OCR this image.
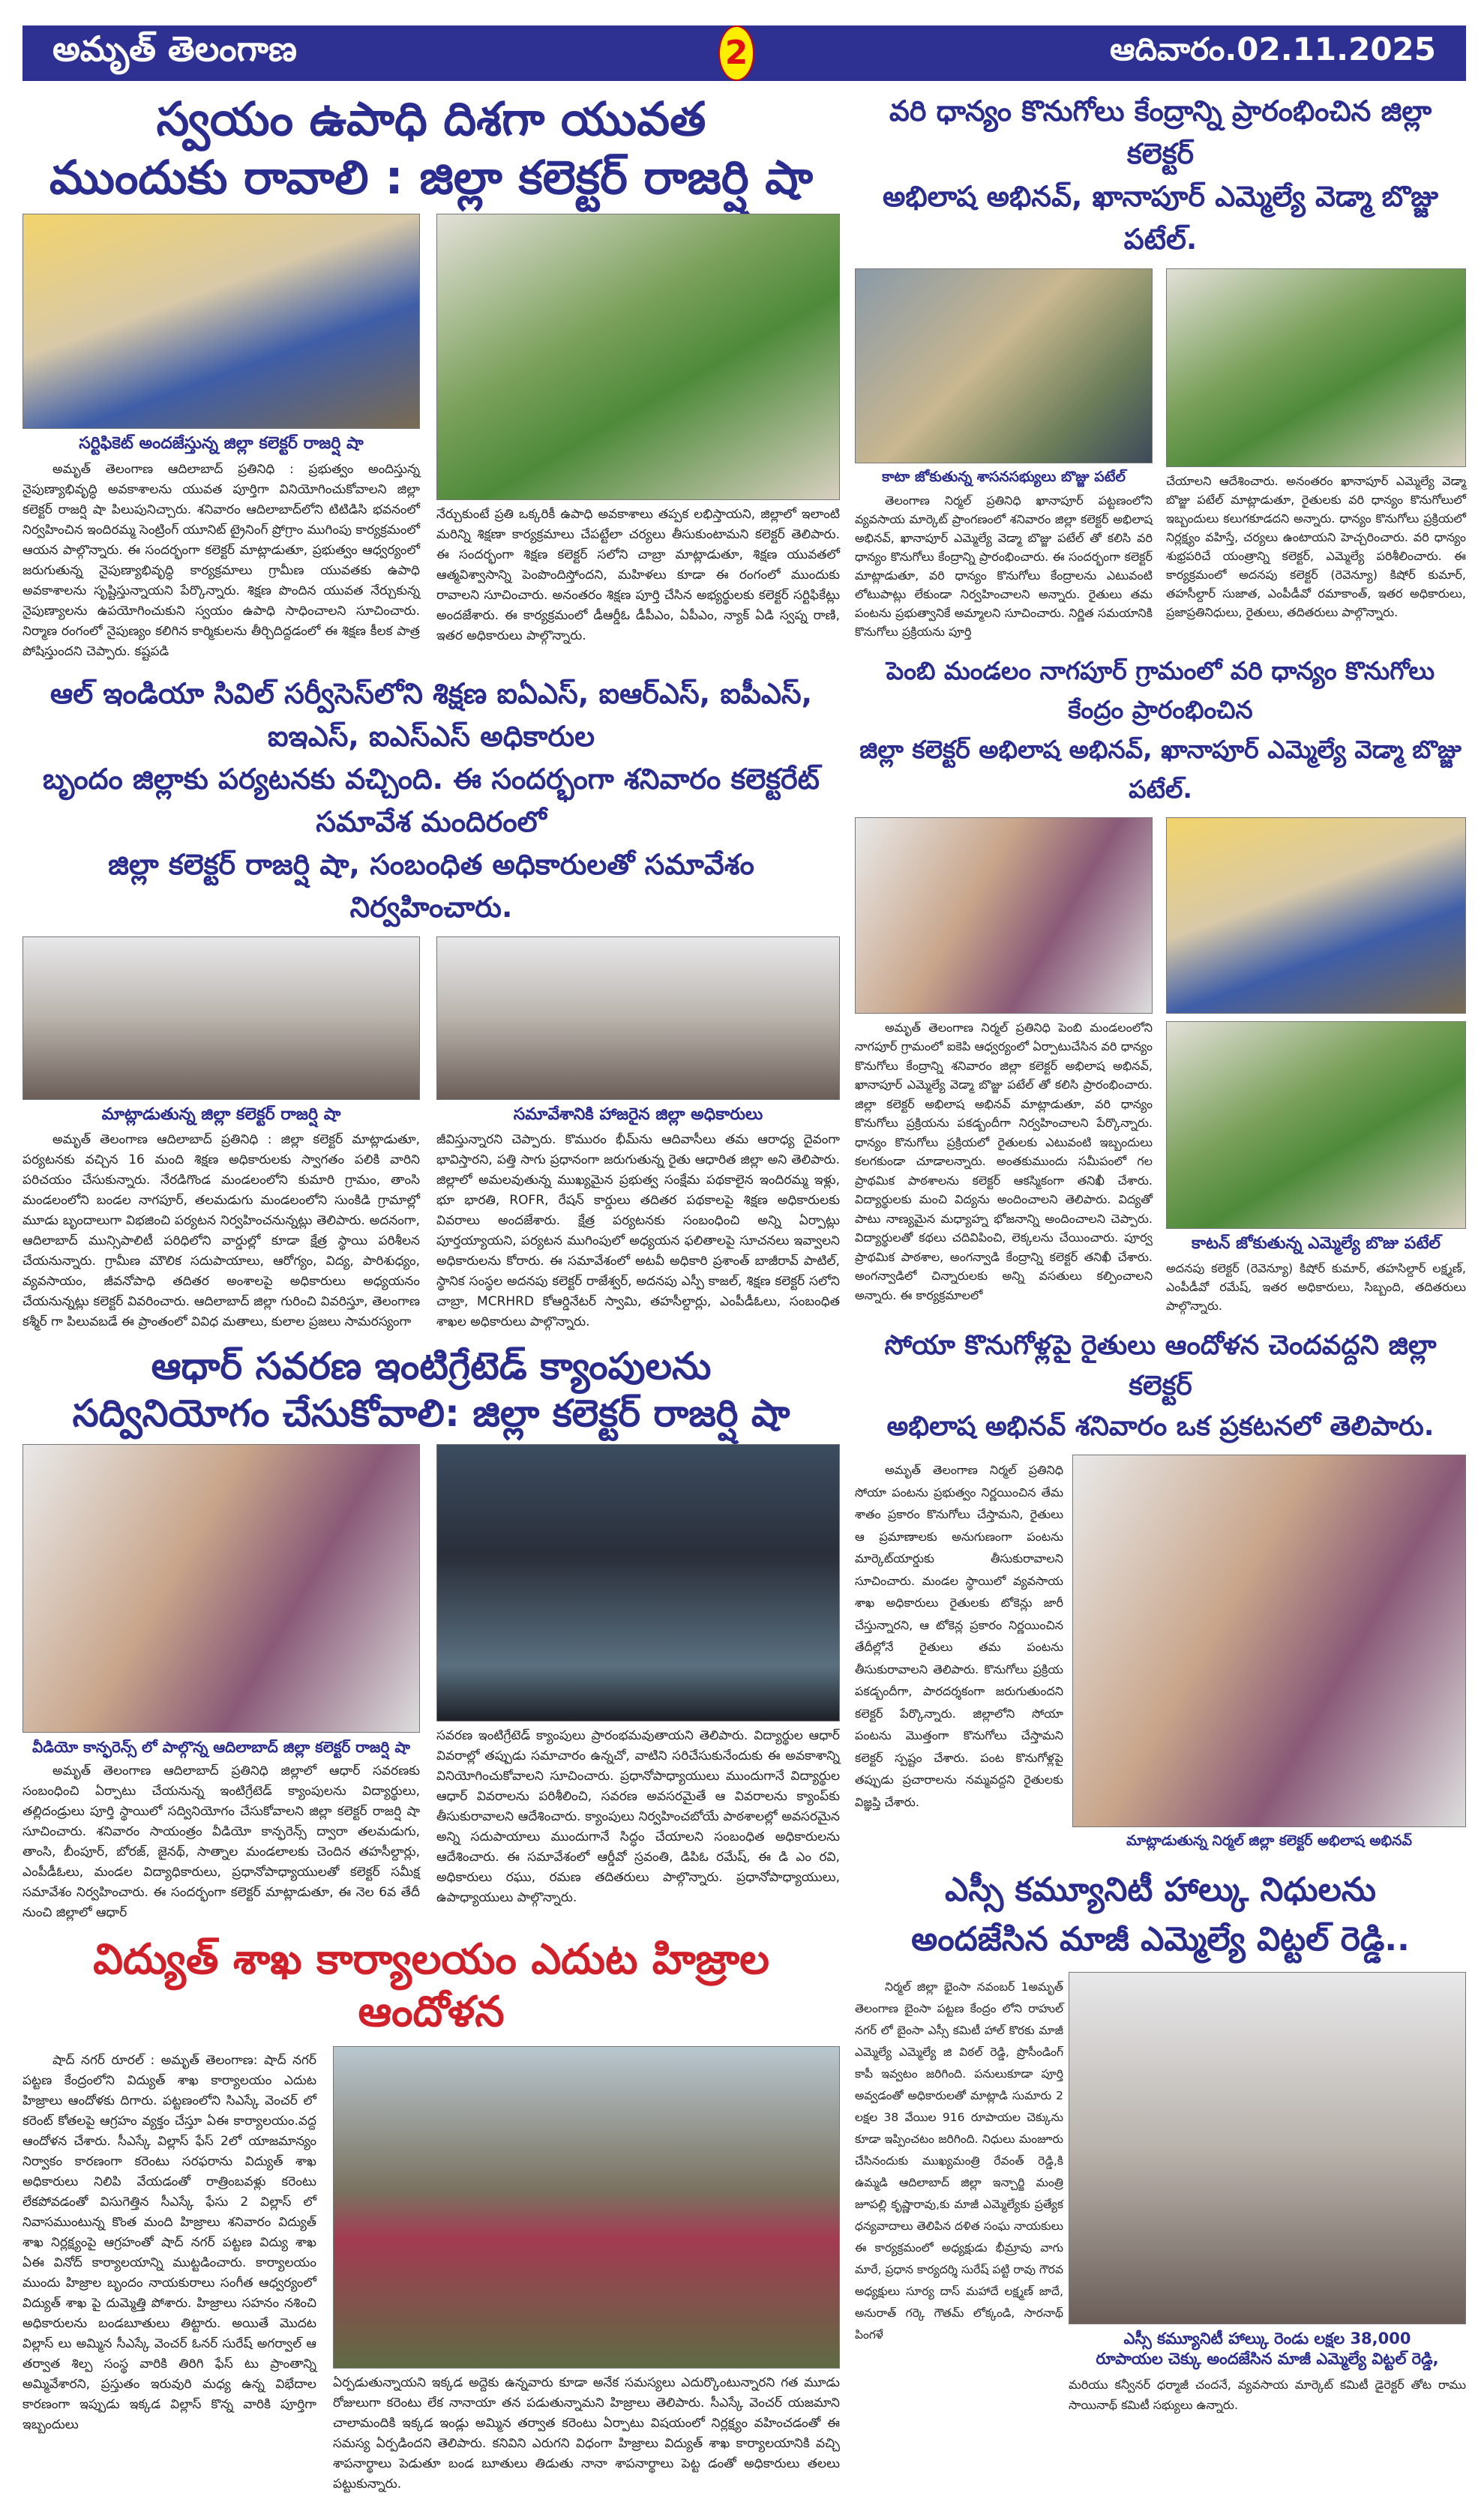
అమృత్ తెలంగాణ	2	ఆదివారం.02.11.2025
స్వయం ఉపాధి దిశగా యువత
ముందుకు రావాలి : జిల్లా కలెక్టర్ రాజర్షి షా
సర్టిఫికెట్ అందజేస్తున్న జిల్లా కలెక్టర్ రాజర్షి షా
అమృత్ తెలంగాణ ఆదిలాబాద్ ప్రతినిధి : ప్రభుత్వం అందిస్తున్న నైపుణ్యాభివృద్ధి అవకాశాలను యువత పూర్తిగా వినియోగించుకోవాలని జిల్లా కలెక్టర్ రాజర్షి షా పిలుపునిచ్చారు. శనివారం ఆదిలాబాద్‌లోని టిటిడిసి భవనంలో నిర్వహించిన ఇందిరమ్మ సెంట్రింగ్ యూనిట్ ట్రైనింగ్ ప్రోగ్రాం ముగింపు కార్యక్రమంలో ఆయన పాల్గొన్నారు. ఈ సందర్భంగా కలెక్టర్ మాట్లాడుతూ, ప్రభుత్వం ఆధ్వర్యంలో జరుగుతున్న నైపుణ్యాభివృద్ధి కార్యక్రమాలు గ్రామీణ యువతకు ఉపాధి అవకాశాలను సృష్టిస్తున్నాయని పేర్కొన్నారు. శిక్షణ పొందిన యువత నేర్చుకున్న నైపుణ్యాలను ఉపయోగించుకుని స్వయం ఉపాధి సాధించాలని సూచించారు. నిర్మాణ రంగంలో నైపుణ్యం కలిగిన కార్మికులను తీర్చిదిద్దడంలో ఈ శిక్షణ కీలక పాత్ర పోషిస్తుందని చెప్పారు. కష్టపడి
నేర్చుకుంటే ప్రతి ఒక్కరికీ ఉపాధి అవకాశాలు తప్పక లభిస్తాయని, జిల్లాలో ఇలాంటి మరిన్ని శిక్షణా కార్యక్రమాలు చేపట్టేలా చర్యలు తీసుకుంటామని కలెక్టర్ తెలిపారు. ఈ సందర్భంగా శిక్షణ కలెక్టర్ సలోని చాబ్రా మాట్లాడుతూ, శిక్షణ యువతలో ఆత్మవిశ్వాసాన్ని పెంపొందిస్తోందని, మహిళలు కూడా ఈ రంగంలో ముందుకు రావాలని సూచించారు. అనంతరం శిక్షణ పూర్తి చేసిన అభ్యర్థులకు కలెక్టర్ సర్టిఫికేట్లు అందజేశారు. ఈ కార్యక్రమంలో డీఆర్డీఓ డీపీఎం, ఏపీఎం, న్యాక్ ఏడి స్వప్న రాణి, ఇతర అధికారులు పాల్గొన్నారు.
ఆల్ ఇండియా సివిల్ సర్వీసెస్‌లోని శిక్షణ ఐఏఎస్, ఐఆర్ఎస్, ఐపీఎస్, ఐఇఎస్, ఐఎస్ఎస్ అధికారుల
బృందం జిల్లాకు పర్యటనకు వచ్చింది. ఈ సందర్భంగా శనివారం కలెక్టరేట్ సమావేశ మందిరంలో
జిల్లా కలెక్టర్ రాజర్షి షా, సంబంధిత అధికారులతో సమావేశం నిర్వహించారు.
మాట్లాడుతున్న జిల్లా కలెక్టర్ రాజర్షి షా
అమృత్ తెలంగాణ ఆదిలాబాద్ ప్రతినిధి : జిల్లా కలెక్టర్ మాట్లాడుతూ, పర్యటనకు వచ్చిన 16 మంది శిక్షణ అధికారులకు స్వాగతం పలికి వారిని పరిచయం చేసుకున్నారు. నేరడిగొండ మండలంలోని కుమారి గ్రామం, తాంసి మండలంలోని బండల నాగపూర్, తలమడుగు మండలంలోని సుంకిడి గ్రామాల్లో మూడు బృందాలుగా విభజించి పర్యటన నిర్వహించనున్నట్లు తెలిపారు. అదనంగా, ఆదిలాబాద్ మున్సిపాలిటీ పరిధిలోని వార్డుల్లో కూడా క్షేత్ర స్థాయి పరిశీలన చేయనున్నారు. గ్రామీణ మౌలిక సదుపాయాలు, ఆరోగ్యం, విద్య, పారిశుధ్యం, వ్యవసాయం, జీవనోపాధి తదితర అంశాలపై అధికారులు అధ్యయనం చేయనున్నట్లు కలెక్టర్ వివరించారు. ఆదిలాబాద్ జిల్లా గురించి వివరిస్తూ, తెలంగాణ కశ్మీర్ గా పిలువబడే ఈ ప్రాంతంలో వివిధ మతాలు, కులాల ప్రజలు సామరస్యంగా
సమావేశానికి హాజరైన జిల్లా అధికారులు
జీవిస్తున్నారని చెప్పారు. కొమురం భీమ్‌ను ఆదివాసీలు తమ ఆరాధ్య దైవంగా భావిస్తారని, పత్తి సాగు ప్రధానంగా జరుగుతున్న రైతు ఆధారిత జిల్లా అని తెలిపారు. జిల్లాలో అమలవుతున్న ముఖ్యమైన ప్రభుత్వ సంక్షేమ పథకాలైన ఇందిరమ్మ ఇళ్లు, భూ భారతి, ROFR, రేషన్ కార్డులు తదితర పథకాలపై శిక్షణ అధికారులకు వివరాలు అందజేశారు. క్షేత్ర పర్యటనకు సంబంధించి అన్ని ఏర్పాట్లు పూర్తయ్యాయని, పర్యటన ముగింపులో అధ్యయన ఫలితాలపై సూచనలు ఇవ్వాలని అధికారులను కోరారు. ఈ సమావేశంలో అటవీ అధికారి ప్రశాంత్ బాజీరావ్ పాటిల్, స్థానిక సంస్థల అదనపు కలెక్టర్ రాజేశ్వర్, అదనపు ఎస్పీ కాజల్, శిక్షణ కలెక్టర్ సలోని చాబ్రా, MCRHRD కోఆర్డినేటర్ స్వామి, తహసీల్దార్లు, ఎంపీడీఓలు, సంబంధిత శాఖల అధికారులు పాల్గొన్నారు.
ఆధార్ సవరణ ఇంటిగ్రేటెడ్ క్యాంపులను
సద్వినియోగం చేసుకోవాలి: జిల్లా కలెక్టర్ రాజర్షి షా
వీడియో కాన్ఫరెన్స్ లో పాల్గొన్న ఆదిలాబాద్ జిల్లా కలెక్టర్ రాజర్షి షా
అమృత్ తెలంగాణ ఆదిలాబాద్ ప్రతినిధి జిల్లాలో ఆధార్ సవరణకు సంబంధించి ఏర్పాటు చేయనున్న ఇంటిగ్రేటెడ్ క్యాంపులను విద్యార్థులు, తల్లిదండ్రులు పూర్తి స్థాయిలో సద్వినియోగం చేసుకోవాలని జిల్లా కలెక్టర్ రాజర్షి షా సూచించారు. శనివారం సాయంత్రం వీడియో కాన్ఫరెన్స్ ద్వారా తలమడుగు, తాంసి, బీంపూర్, బోరజ్, జైనథ్, సాత్నాల మండలాలకు చెందిన తహసీల్దార్లు, ఎంపీడీఓలు, మండల విద్యాధికారులు, ప్రధానోపాధ్యాయులతో కలెక్టర్ సమీక్ష సమావేశం నిర్వహించారు. ఈ సందర్భంగా కలెక్టర్ మాట్లాడుతూ, ఈ నెల 6వ తేదీ నుంచి జిల్లాలో ఆధార్
సవరణ ఇంటిగ్రేటెడ్ క్యాంపులు ప్రారంభమవుతాయని తెలిపారు. విద్యార్థుల ఆధార్ వివరాల్లో తప్పుడు సమాచారం ఉన్నచో, వాటిని సరిచేసుకునేందుకు ఈ అవకాశాన్ని వినియోగించుకోవాలని సూచించారు. ప్రధానోపాధ్యాయులు ముందుగానే విద్యార్థుల ఆధార్ వివరాలను పరిశీలించి, సవరణ అవసరమైతే ఆ వివరాలను క్యాంప్‌కు తీసుకురావాలని ఆదేశించారు. క్యాంపులు నిర్వహించబోయే పాఠశాలల్లో అవసరమైన అన్ని సదుపాయాలు ముందుగానే సిద్ధం చేయాలని సంబంధిత అధికారులను ఆదేశించారు. ఈ సమావేశంలో ఆర్డీవో స్రవంతి, డిపిఓ రమేష్, ఈ డి ఎం రవి, అధికారులు రఘు, రమణ తదితరులు పాల్గొన్నారు. ప్రధానోపాధ్యాయులు, ఉపాధ్యాయులు పాల్గొన్నారు.
విద్యుత్ శాఖ కార్యాలయం ఎదుట హిజ్రాల ఆందోళన
షాద్ నగర్ రూరల్ : అమృత్ తెలంగాణ: షాద్ నగర్ పట్టణ కేంద్రంలోని విద్యుత్ శాఖ కార్యాలయం ఎదుట హిజ్రాలు ఆందోళకు దిగారు. పట్టణంలోని సిఎస్కే వెంచర్ లో కరెంట్ కోతలపై ఆగ్రహం వ్యక్తం చేస్తూ ఏఈ కార్యాలయం.వద్ద ఆందోళన చేశారు. సీఎస్కే విల్లాస్ ఫేస్ 2లో యాజమాన్యం నిర్వాకం కారణంగా కరెంటు సరఫరాను విద్యుత్ శాఖ అధికారులు నిలిపి వేయడంతో రాత్రింబవళ్లు కరెంటు లేకపోవడంతో విసుగెత్తిన సీఎస్కే ఫేసు 2 విల్లాస్ లో నివాసముంటున్న కొంత మంది హిజ్రాలు శనివారం విద్యుత్ శాఖ నిర్లక్ష్యంపై ఆగ్రహంతో షాద్ నగర్ పట్టణ విద్యు శాఖ ఏఈ వినోద్ కార్యాలయాన్ని ముట్టడించారు. కార్యాలయం ముందు హిజ్రాల బృందం నాయకురాలు సంగీత ఆధ్వర్యంలో విద్యుత్ శాఖ పై దుమ్మెత్తి పోశారు. హిజ్రాలు సహనం నశించి అధికారులను బండబూతులు తిట్టారు. అయితే మొదట విల్లాస్ లు అమ్మిన సీఎస్కే వెంచర్ ఓనర్ సురేష్ అగర్వాల్ ఆ తర్వాత శిల్ప సంస్థ వారికి తిరిగి ఫేస్ టు ప్రాంతాన్ని అమ్మివేశారని, ప్రస్తుతం ఇరువురి మధ్య ఉన్న విభేదాల కారణంగా ఇప్పుడు ఇక్కడ విల్లాస్ కొన్న వారికి పూర్తిగా ఇబ్బందులు
ఏర్పడుతున్నాయని ఇక్కడ అద్దెకు ఉన్నవారు కూడా అనేక సమస్యలు ఎదుర్కొంటున్నారని గత మూడు రోజులుగా కరెంటు లేక నానాయా తన పడుతున్నామని హిజ్రాలు తెలిపారు. సీఎస్కే వెంచర్ యజమాని చాలామందికి ఇక్కడ ఇండ్లు అమ్మిన తర్వాత కరెంటు ఏర్పాటు విషయంలో నిర్లక్ష్యం వహించడంతో ఈ సమస్య ఏర్పడిందని తెలిపారు. కనివిని ఎరుగని విధంగా హిజ్రాలు విద్యుత్ శాఖ కార్యాలయానికి వచ్చి శాపనార్థాలు పెడుతూ బండ బూతులు తిడుతు నానా శాపనార్థాలు పెట్ట డంతో అధికారులు తలలు పట్టుకున్నారు.
వరి ధాన్యం కొనుగోలు కేంద్రాన్ని ప్రారంభించిన జిల్లా కలెక్టర్
అభిలాష అభినవ్, ఖానాపూర్ ఎమ్మెల్యే వెడ్మా బొజ్జు పటేల్.
కాటా జోకుతున్న శాసనసభ్యులు బొజ్జు పటేల్
తెలంగాణ నిర్మల్ ప్రతినిధి ఖానాపూర్ పట్టణంలోని వ్యవసాయ మార్కెట్ ప్రాంగణంలో శనివారం జిల్లా కలెక్టర్ అభిలాష అభినవ్, ఖానాపూర్ ఎమ్మెల్యే వెడ్మా బొజ్జు పటేల్ తో కలిసి వరి ధాన్యం కొనుగోలు కేంద్రాన్ని ప్రారంభించారు. ఈ సందర్భంగా కలెక్టర్ మాట్లాడుతూ, వరి ధాన్యం కొనుగోలు కేంద్రాలను ఎటువంటి లోటుపాట్లు లేకుండా నిర్వహించాలని అన్నారు. రైతులు తమ పంటను ప్రభుత్వానికే అమ్మాలని సూచించారు. నిర్ణిత సమయానికి కొనుగోలు ప్రక్రియను పూర్తి
చేయాలని ఆదేశించారు. అనంతరం ఖానాపూర్ ఎమ్మెల్యే వెడ్మా బొజ్జు పటేల్ మాట్లాడుతూ, రైతులకు వరి ధాన్యం కొనుగోలులో ఇబ్బందులు కలుగకూడదని అన్నారు. ధాన్యం కొనుగోలు ప్రక్రియలో నిర్లక్ష్యం వహిస్తే, చర్యలు ఉంటాయని హెచ్చరించారు. వరి ధాన్యం శుభ్రపరిచే యంత్రాన్ని కలెక్టర్, ఎమ్మెల్యే పరిశీలించారు. ఈ కార్యక్రమంలో అదనపు కలెక్టర్ (రెవెన్యూ) కిషోర్ కుమార్, తహసీల్దార్ సుజాత, ఎంపీడీవో రమాకాంత్, ఇతర అధికారులు, ప్రజాప్రతినిధులు, రైతులు, తదితరులు పాల్గొన్నారు.
పెంబి మండలం నాగపూర్ గ్రామంలో వరి ధాన్యం కొనుగోలు కేంద్రం ప్రారంభించిన
జిల్లా కలెక్టర్ అభిలాష అభినవ్, ఖానాపూర్ ఎమ్మెల్యే వెడ్మా బొజ్జు పటేల్.
అమృత్ తెలంగాణ నిర్మల్ ప్రతినిధి పెంబి మండలంలోని నాగపూర్ గ్రామంలో ఐకెపి ఆధ్వర్యంలో ఏర్పాటుచేసిన వరి ధాన్యం కొనుగోలు కేంద్రాన్ని శనివారం జిల్లా కలెక్టర్ అభిలాష అభినవ్, ఖానాపూర్ ఎమ్మెల్యే వెడ్మా బొజ్జు పటేల్ తో కలిసి ప్రారంభించారు. జిల్లా కలెక్టర్ అభిలాష అభినవ్ మాట్లాడుతూ, వరి ధాన్యం కొనుగోలు ప్రక్రియను పకడ్బందీగా నిర్వహించాలని పేర్కొన్నారు. ధాన్యం కొనుగోలు ప్రక్రియలో రైతులకు ఎటువంటి ఇబ్బందులు కలగకుండా చూడాలన్నారు. అంతకుముందు సమీపంలో గల ప్రాథమిక పాఠశాలను కలెక్టర్ ఆకస్మికంగా తనిఖీ చేశారు. విద్యార్థులకు మంచి విద్యను అందించాలని తెలిపారు. విద్యతో పాటు నాణ్యమైన మధ్యాహ్న భోజనాన్ని అందించాలని చెప్పారు. విద్యార్థులతో కథలు చదివిపించి, లెక్కలను చేయించారు. పూర్వ ప్రాథమిక పాఠశాల, అంగన్వాడి కేంద్రాన్ని కలెక్టర్ తనిఖీ చేశారు. అంగన్వాడిలో చిన్నారులకు అన్ని వసతులు కల్పించాలని అన్నారు. ఈ కార్యక్రమాలలో
కాటన్ జోకుతున్న ఎమ్మెల్యే బొజు పటేల్
అదనపు కలెక్టర్ (రెవెన్యూ) కిషోర్ కుమార్, తహసిల్దార్ లక్ష్మణ్, ఎంపీడీవో రమేష్, ఇతర అధికారులు, సిబ్బంది, తదితరులు పాల్గొన్నారు.
సోయా కొనుగోళ్లపై రైతులు ఆందోళన చెందవద్దని జిల్లా కలెక్టర్
అభిలాష అభినవ్ శనివారం ఒక ప్రకటనలో తెలిపారు.
అమృత్ తెలంగాణ నిర్మల్ ప్రతినిధి సోయా పంటను ప్రభుత్వం నిర్ణయించిన తేమ శాతం ప్రకారం కొనుగోలు చేస్తామని, రైతులు ఆ ప్రమాణాలకు అనుగుణంగా పంటను మార్కెట్‌యార్డుకు తీసుకురావాలని సూచించారు. మండల స్థాయిలో వ్యవసాయ శాఖ అధికారులు రైతులకు టోకెన్లు జారీ చేస్తున్నారని, ఆ టోకెన్ల ప్రకారం నిర్ణయించిన తేదీల్లోనే రైతులు తమ పంటను తీసుకురావాలని తెలిపారు. కొనుగోలు ప్రక్రియ పకడ్బందీగా, పారదర్శకంగా జరుగుతుందని కలెక్టర్ పేర్కొన్నారు. జిల్లాలోని సోయా పంటను మొత్తంగా కొనుగోలు చేస్తామని కలెక్టర్ స్పష్టం చేశారు. పంట కొనుగోళ్లపై తప్పుడు ప్రచారాలను నమ్మవద్దని రైతులకు విజ్ఞప్తి చేశారు.
మాట్లాడుతున్న నిర్మల్ జిల్లా కలెక్టర్ అభిలాష అభినవ్
ఎస్సీ కమ్యూనిటీ హాల్కు నిధులను
అందజేసిన మాజీ ఎమ్మెల్యే విట్టల్ రెడ్డి..
నిర్మల్ జిల్లా భైంసా నవంబర్ 1అమృత్ తెలంగాణ బైంసా పట్టణ కేంద్రం లోని రాహుల్ నగర్ లో బైంసా ఎస్సీ కమిటీ హాల్ కొరకు మాజీ ఎమ్మెల్యే ఎమ్మెల్యే జి విఠల్ రెడ్డి, ప్రొసీండింగ్ కాపీ ఇవ్వటం జరిగింది. పనులుకూడా పూర్తి అవ్వడంతో అధికారులతో మాట్లాడి సుమారు 2 లక్షల 38 వేయిల 916 రూపాయల చెక్కును కూడా ఇప్పించటం జరిగింది. నిధులు మంజూరు చేసినందుకు ముఖ్యమంత్రి రేవంత్ రెడ్డి,కి ఉమ్మడి ఆదిలాబాద్ జిల్లా ఇన్చార్జి మంత్రి జూపల్లి కృష్ణారావు,కు మాజీ ఎమ్మెల్యేకు ప్రత్యేక ధన్యవాదాలు తెలిపిన దళిత సంఘ నాయకులు ఈ కార్యక్రమంలో అధ్యక్షుడు భీమ్రావు వాగు మారే, ప్రధాన కార్యదర్శి సురేష్ పట్టి రావు గౌరవ అధ్యక్షులు సూర్య దాస్ మహాదే లక్ష్మణ్ జాదే, అనురాత్ గర్కె గౌతమ్ లోక్కండి, సారనాథ్ పింగళే	ఎస్సీ కమ్యూనిటీ హాల్కు రెండు లక్షల 38,000
రూపాయల చెక్కు అందజేసిన మాజీ ఎమ్మెల్యే విట్టల్ రెడ్డి,
మరియు కన్వీనర్ ధర్మాజీ చందనే, వ్యవసాయ మార్కెట్ కమిటీ డైరెక్టర్ తోట రాము సాయినాథ్ కమిటీ సభ్యులు ఉన్నారు.
